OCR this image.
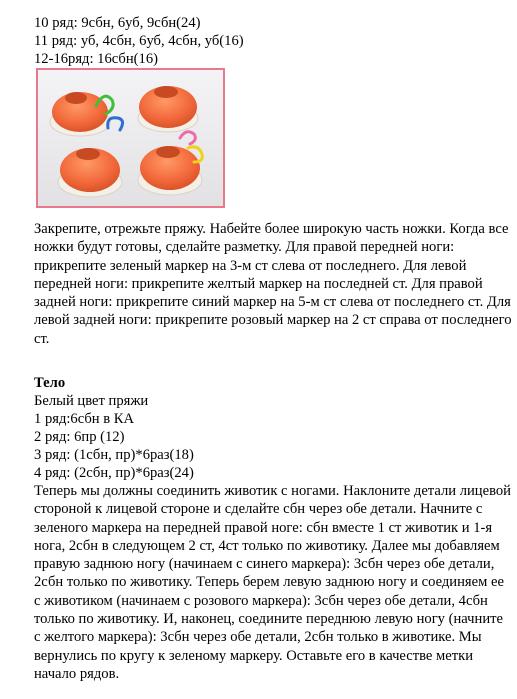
10 ряд: 9сбн, 6уб, 9сбн(24)
11 ряд: уб, 4сбн, 6уб, 4сбн, уб(16)
12-16ряд: 16сбн(16)
Закрепите, отрежьте пряжу. Набейте более широкую часть ножки. Когда все ножки будут готовы, сделайте разметку. Для правой передней ноги: прикрепите зеленый маркер на 3-м ст слева от последнего. Для левой передней ноги: прикрепите желтый маркер на последней ст. Для правой задней ноги: прикрепите синий маркер на 5-м ст слева от последнего ст. Для левой задней ноги: прикрепите розовый маркер на 2 ст справа от последнего ст.
Тело
Белый цвет пряжи
1 ряд:6сбн в КА
2 ряд: 6пр (12)
3 ряд: (1сбн, пр)*6раз(18)
4 ряд: (2сбн, пр)*6раз(24)
Теперь мы должны соединить животик с ногами. Наклоните детали лицевой стороной к лицевой стороне и сделайте сбн через обе детали. Начните с зеленого маркера на передней правой ноге: сбн вместе 1 ст животик и 1-я нога, 2сбн в следующем 2 ст, 4ст только по животику. Далее мы добавляем правую заднюю ногу (начинаем с синего маркера): 3сбн через обе детали, 2сбн только по животику. Теперь берем левую заднюю ногу и соединяем ее с животиком (начинаем с розового маркера): 3сбн через обе детали, 4сбн только по животику. И, наконец, соедините переднюю левую ногу (начните с желтого маркера): 3сбн через обе детали, 2сбн только в животике. Мы вернулись по кругу к зеленому маркеру. Оставьте его в качестве метки начало рядов.
